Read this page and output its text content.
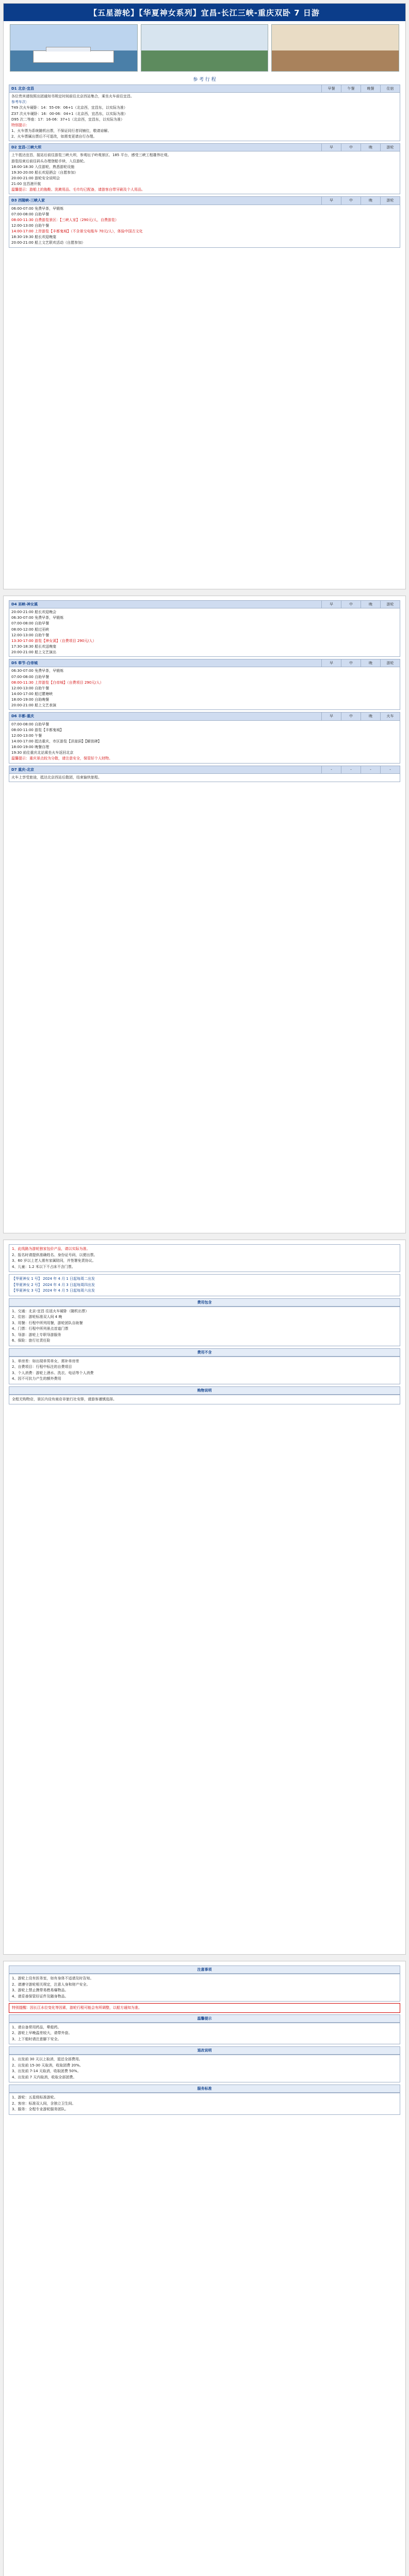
【五星游轮】【华夏神女系列】宜昌-长江三峡-重庆双卧 7 日游
参 考 行 程
D1 北京-宜昌	早餐	午餐	晚餐	住宿

各位贵宾请按照出团通知书规定时间前往北京西站集合，乘坐火车前往宜昌。

参考车次：

T49 次火车硬卧：14：55-09：06+1（北京西，宜昌东，以实际为准）

Z37 次火车硬卧：16：00-06：04+1（北京西，宜昌东，以实际为准）

D95 次二等座：17：16-06：37+1（北京西，宜昌东，以实际为准）

特别提示：

1、火车票为系统随机出票，不保证同行者同铺位，敬请谅解。

2、火车票属出票后不可退改，如需变更请自行办理。

D2 宜昌-三峡大坝	早	中	晚	游轮

上午抵达宜昌，接站后前往游览三峡大坝，参观坛子岭观景区、185 平台，感受三峡工程雄伟壮观。

游览结束后前往码头办理登船手续，入住游轮。

18:00-18:30 入住游轮，熟悉游轮设施

19:30-20:00 船长欢迎酒会（自愿参加）

20:00-21:00 游轮安全说明会

21:00 宜昌港开航

温馨提示：游船上的拖鞋、洗漱用品、毛巾均已配备，请游客自带牙刷及个人用品。

D3 西陵峡-三峡人家	早	中	晚	游轮

06:00-07:00 免费早茶，早锻炼

07:00-08:00 自助早餐

08:00-11:30 自费游览景区：【三峡人家】（290元/人，自费游览）

12:00-13:00 自助午餐

14:00-17:00 上岸游览【丰都鬼城】（不含景交电瓶车 70元/人），体验中国古文化

18:30-19:30 船长欢迎晚宴

20:00-21:00 船上文艺联欢活动（自愿参加）

D4 巫峡-神女溪	早	中	晚	游轮

20:00-21:00 船长欢迎晚会

06:30-07:00 免费早茶，早锻炼

07:00-08:00 自助早餐

08:00-12:00 船过巫峡

12:00-13:00 自助午餐

13:30-17:00 游览【神女溪】（自费项目 290元/人）

17:30-18:30 船长欢送晚宴

20:00-21:00 船上文艺演出

D5 奉节-白帝城	早	中	晚	游轮

06:30-07:00 免费早茶，早锻炼

07:00-08:00 自助早餐

08:00-11:30 上岸游览【白帝城】（自费项目 290元/人）

12:00-13:00 自助午餐

14:00-17:00 船过瞿塘峡

18:00-19:00 自助晚餐

20:00-21:00 船上文艺表演

D6 丰都-重庆	早	中	晚	火车

07:00-08:00 自助早餐

08:00-11:00 游览【丰都鬼城】

12:00-13:00 午餐

14:00-17:00 抵达重庆，市区游览【洪崖洞】【解放碑】

18:00-19:00 晚餐自理

19:30 前往重庆北站乘坐火车返回北京

温馨提示：重庆景点较为分散，请注意安全，保管好个人财物。

D7 重庆-北京	-	-	-	-

火车上享受旅途，抵达北京西站后散团，结束愉快旅程。

1、此线路为游轮独家包价产品，请以实际为准。

2、报名时请提供准确姓名、身份证号码，以便出票。

3、60 岁以上老人需有家属陪同，并签署免责协议。

4、儿童：1.2 米以下不占床不含门票。

【华夏神女 1 号】 2024 年 4 月 1 日起每周二出发

【华夏神女 2 号】 2024 年 4 月 3 日起每周四出发

【华夏神女 3 号】 2024 年 4 月 5 日起每周六出发

费用包含

1、交通：北京-宜昌 往返火车硬卧（随机出票）

2、住宿：游轮标准双人间 4 晚

3、用餐：行程中所列用餐，游轮团队自助餐

4、门票：行程中所列景点首道门票

5、导游：游轮上专职导游服务

6、保险：旅行社责任险

费用不含

1、单房差：如出现单男单女，需补单房差

2、自费项目：行程中标注的自费项目

3、个人消费：游轮上酒水、洗衣、电话等个人消费

4、因不可抗力产生的额外费用

购物说明

全程无购物店，景区内设有商店非旅行社安排，请游客谨慎选择。

注意事项

1、游轮上设有医务室，如有身体不适请及时告知。

2、请遵守游轮相关规定，注意人身和财产安全。

3、游轮上禁止携带易燃易爆物品。

4、请妥善保管好证件及随身物品。

特别提醒：因长江水位变化等因素，游轮行程可能会有所调整，以船方通知为准。
温馨提示

1、请自备常用药品，晕船药。

2、游轮上早晚温差较大，请带外套。

3、上下船时请注意脚下安全。

退改说明

1、出发前 30 天以上取消，退还全部费用。

2、出发前 15-30 天取消，收取团费 20%。

3、出发前 7-14 天取消，收取团费 50%。

4、出发前 7 天内取消，收取全部团费。

服务标准

1、游轮：五星级标准游轮。

2、客房：标准双人间，含独立卫生间。

3、服务：全程专业游轮服务团队。
